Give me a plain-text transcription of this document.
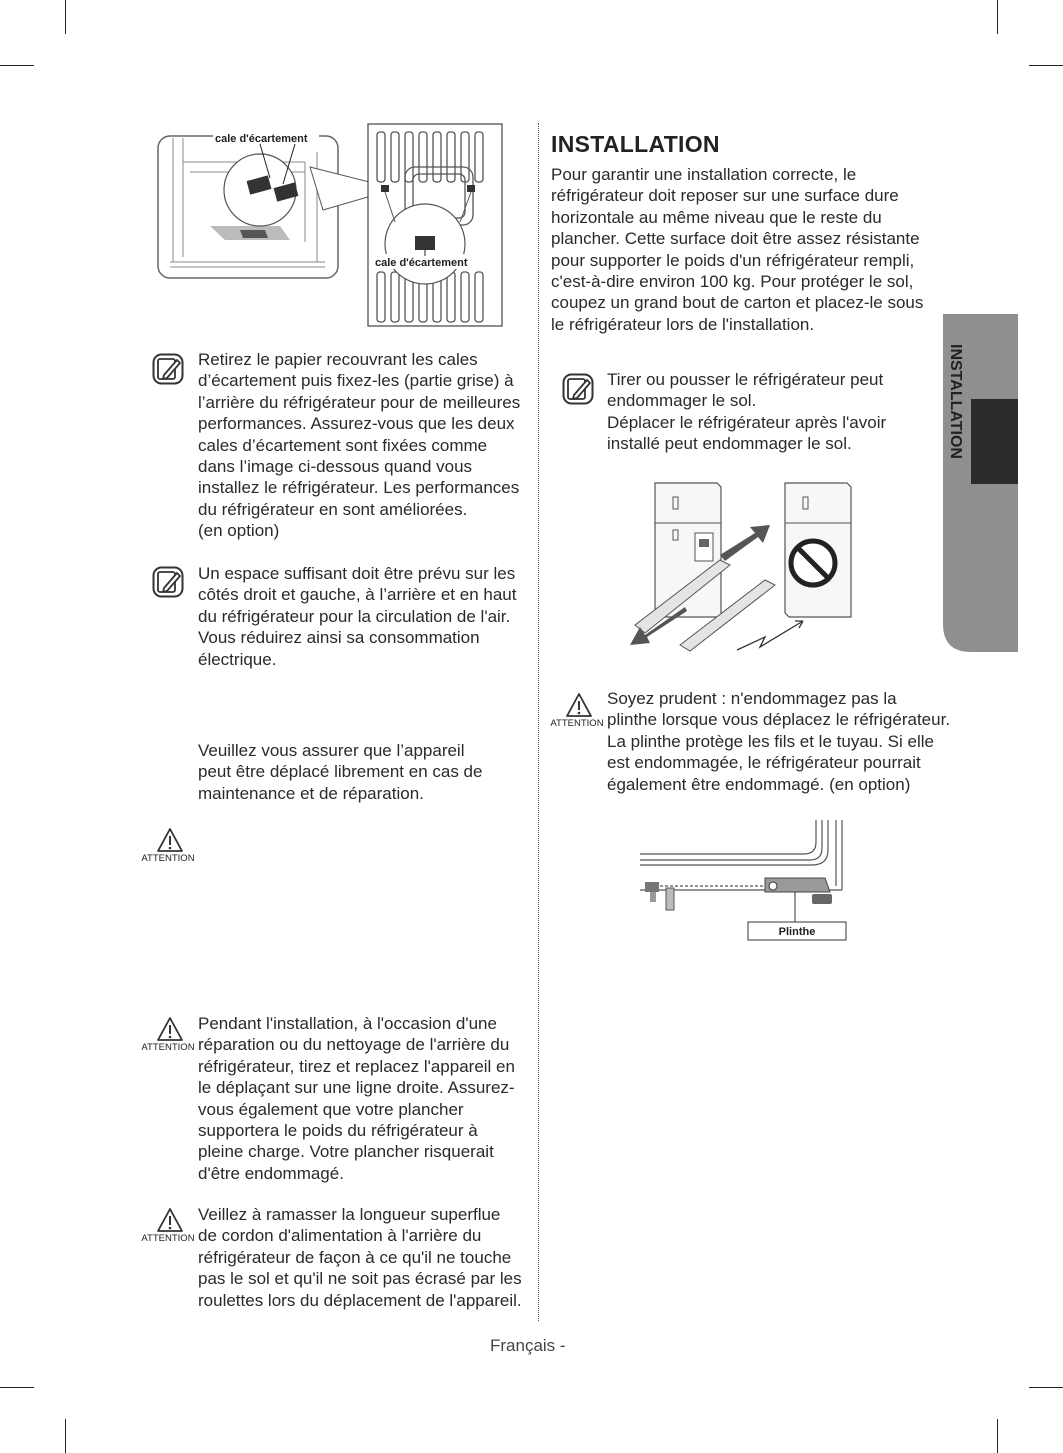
cale d'écartement
cale d'écartement
Retirez le papier recouvrant les cales
d’écartement puis fixez-les (partie grise) à
l’arrière du réfrigérateur pour de meilleures
performances. Assurez-vous que les deux
cales d’écartement sont fixées comme
dans l’image ci-dessous quand vous
installez le réfrigérateur. Les performances
du réfrigérateur en sont améliorées.
(en option)
Un espace suffisant doit être prévu sur les
côtés droit et gauche, à l’arrière et en haut
du réfrigérateur pour la circulation de l'air.
Vous réduirez ainsi sa consommation
électrique.
Veuillez vous assurer que l’appareil
peut être déplacé librement en cas de
maintenance et de réparation.
ATTENTION
ATTENTION
Pendant l'installation, à l'occasion d'une
réparation ou du nettoyage de l'arrière du
réfrigérateur, tirez et replacez l'appareil en
le déplaçant sur une ligne droite. Assurez-
vous également que votre plancher
supportera le poids du réfrigérateur à
pleine charge. Votre plancher risquerait
d'être endommagé.
ATTENTION
Veillez à ramasser la longueur superflue
de cordon d'alimentation à l'arrière du
réfrigérateur de façon à ce qu'il ne touche
pas le sol et qu'il ne soit pas écrasé par les
roulettes lors du déplacement de l'appareil.
INSTALLATION
Pour garantir une installation correcte, le
réfrigérateur doit reposer sur une surface dure
horizontale au même niveau que le reste du
plancher. Cette surface doit être assez résistante
pour supporter le poids d'un réfrigérateur rempli,
c'est-à-dire environ 100 kg. Pour protéger le sol,
coupez un grand bout de carton et placez-le sous
le réfrigérateur lors de l'installation.
Tirer ou pousser le réfrigérateur peut
endommager le sol.
Déplacer le réfrigérateur après l'avoir
installé peut endommager le sol.
ATTENTION
Soyez prudent : n'endommagez pas la
plinthe lorsque vous déplacez le réfrigérateur.
La plinthe protège les fils et le tuyau. Si elle
est endommagée, le réfrigérateur pourrait
également être endommagé. (en option)
Plinthe
INSTALLATION
Français -
